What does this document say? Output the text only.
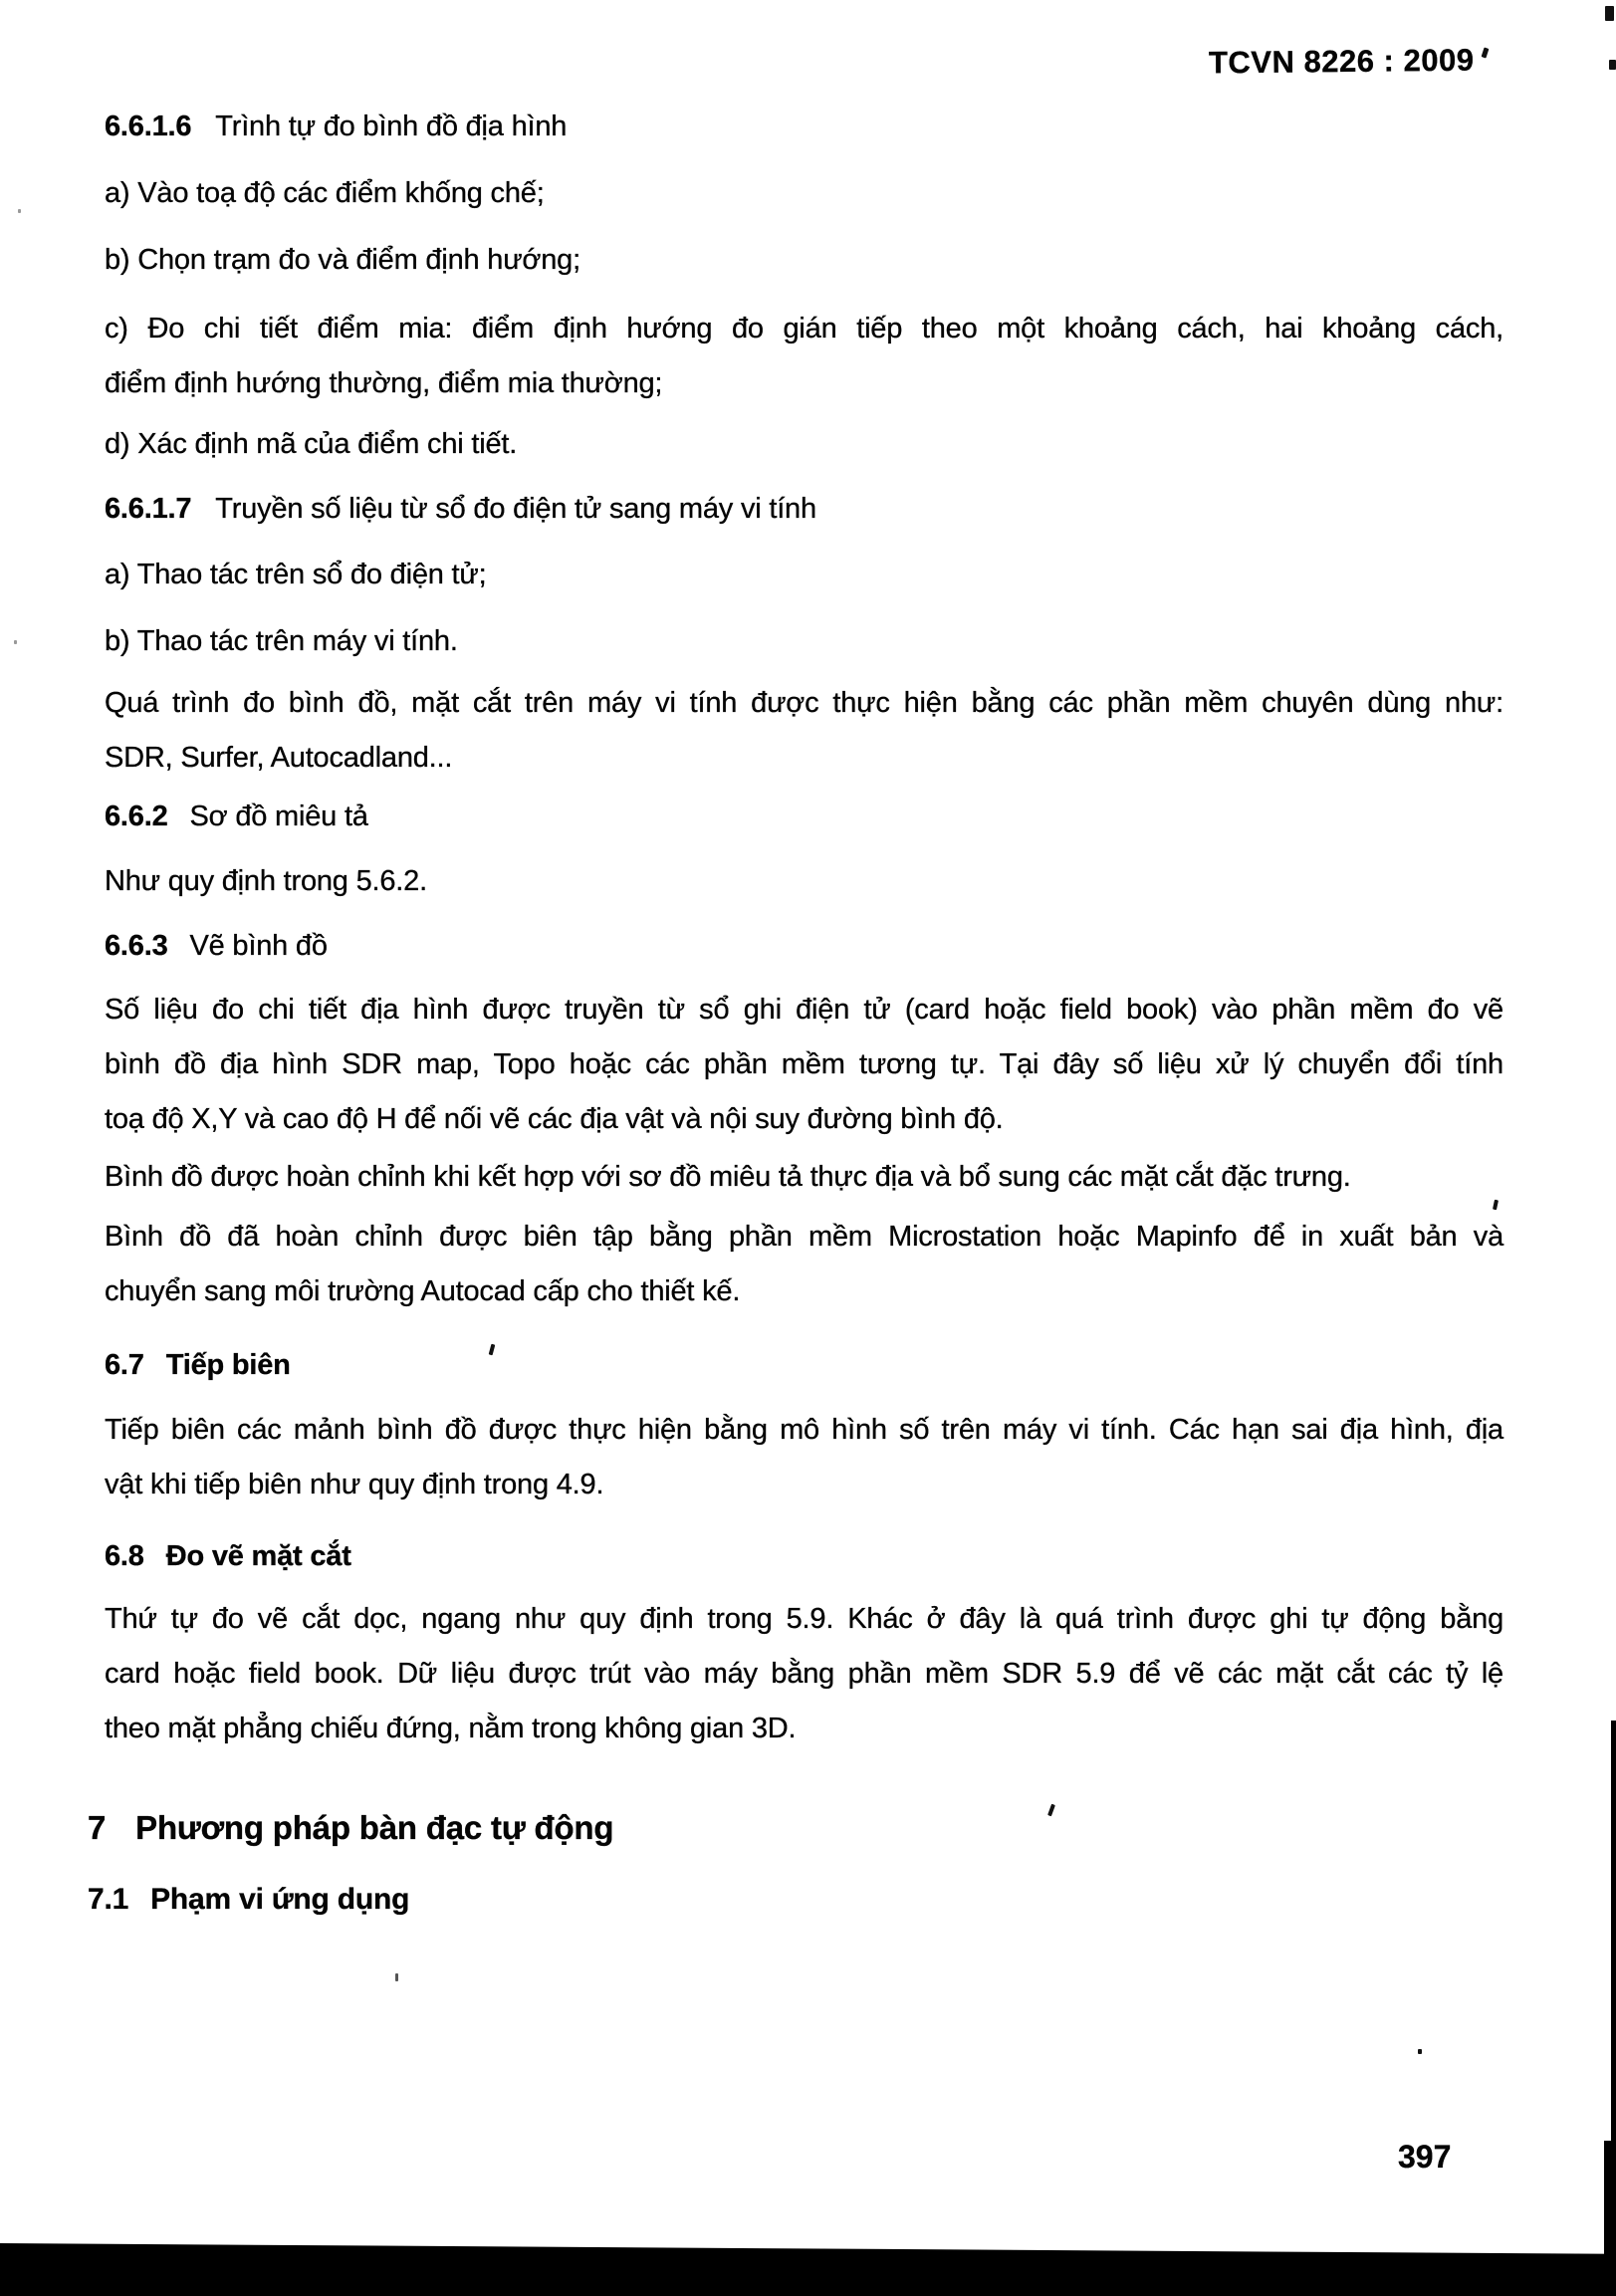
TCVN 8226 : 2009
6.6.1.6 Trình tự đo bình đồ địa hình
a) Vào toạ độ các điểm khống chế;
b) Chọn trạm đo và điểm định hướng;
c) Đo chi tiết điểm mia: điểm định hướng đo gián tiếp theo một khoảng cách, hai khoảng cách,
điểm định hướng thường, điểm mia thường;
d) Xác định mã của điểm chi tiết.
6.6.1.7 Truyền số liệu từ sổ đo điện tử sang máy vi tính
a) Thao tác trên sổ đo điện tử;
b) Thao tác trên máy vi tính.
Quá trình đo bình đồ, mặt cắt trên máy vi tính được thực hiện bằng các phần mềm chuyên dùng như:
SDR, Surfer, Autocadland...
6.6.2 Sơ đồ miêu tả
Như quy định trong 5.6.2.
6.6.3 Vẽ bình đồ
Số liệu đo chi tiết địa hình được truyền từ sổ ghi điện tử (card hoặc field book) vào phần mềm đo vẽ
bình đồ địa hình SDR map, Topo hoặc các phần mềm tương tự. Tại đây số liệu xử lý chuyển đổi tính
toạ độ X,Y và cao độ H để nối vẽ các địa vật và nội suy đường bình độ.
Bình đồ được hoàn chỉnh khi kết hợp với sơ đồ miêu tả thực địa và bổ sung các mặt cắt đặc trưng.
Bình đồ đã hoàn chỉnh được biên tập bằng phần mềm Microstation hoặc Mapinfo để in xuất bản và
chuyển sang môi trường Autocad cấp cho thiết kế.
6.7 Tiếp biên
Tiếp biên các mảnh bình đồ được thực hiện bằng mô hình số trên máy vi tính. Các hạn sai địa hình, địa
vật khi tiếp biên như quy định trong 4.9.
6.8 Đo vẽ mặt cắt
Thứ tự đo vẽ cắt dọc, ngang như quy định trong 5.9. Khác ở đây là quá trình được ghi tự động bằng
card hoặc field book. Dữ liệu được trút vào máy bằng phần mềm SDR 5.9 để vẽ các mặt cắt các tỷ lệ
theo mặt phẳng chiếu đứng, nằm trong không gian 3D.
7 Phương pháp bàn đạc tự động
7.1 Phạm vi ứng dụng
397
